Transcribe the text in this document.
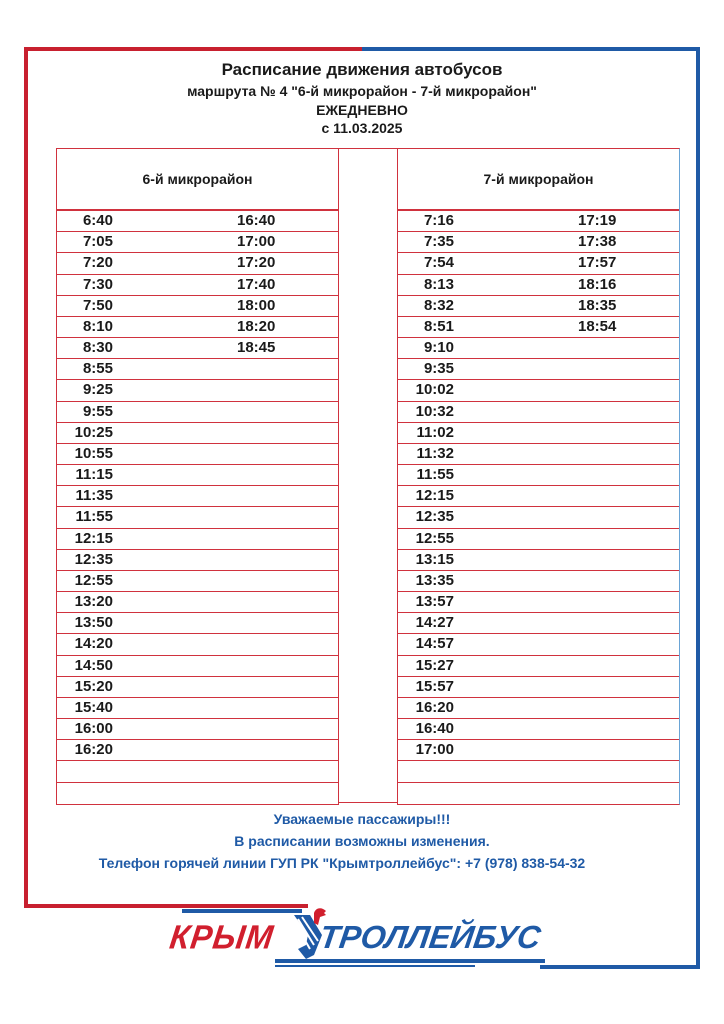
Расписание движения автобусов
маршрута № 4 "6-й микрорайон - 7-й микрорайон"
ЕЖЕДНЕВНО
с 11.03.2025
6-й микрорайон
6:40	16:40
7:05	17:00
7:20	17:20
7:30	17:40
7:50	18:00
8:10	18:20
8:30	18:45
8:55
9:25
9:55
10:25
10:55
11:15
11:35
11:55
12:15
12:35
12:55
13:20
13:50
14:20
14:50
15:20
15:40
16:00
16:20
7-й микрорайон
7:16	17:19
7:35	17:38
7:54	17:57
8:13	18:16
8:32	18:35
8:51	18:54
9:10
9:35
10:02
10:32
11:02
11:32
11:55
12:15
12:35
12:55
13:15
13:35
13:57
14:27
14:57
15:27
15:57
16:20
16:40
17:00
Уважаемые пассажиры!!!
В расписании возможны изменения.
Телефон горячей линии ГУП РК "Крымтроллейбус": +7 (978) 838-54-32
КРЫМ ТРОЛЛЕЙБУС
